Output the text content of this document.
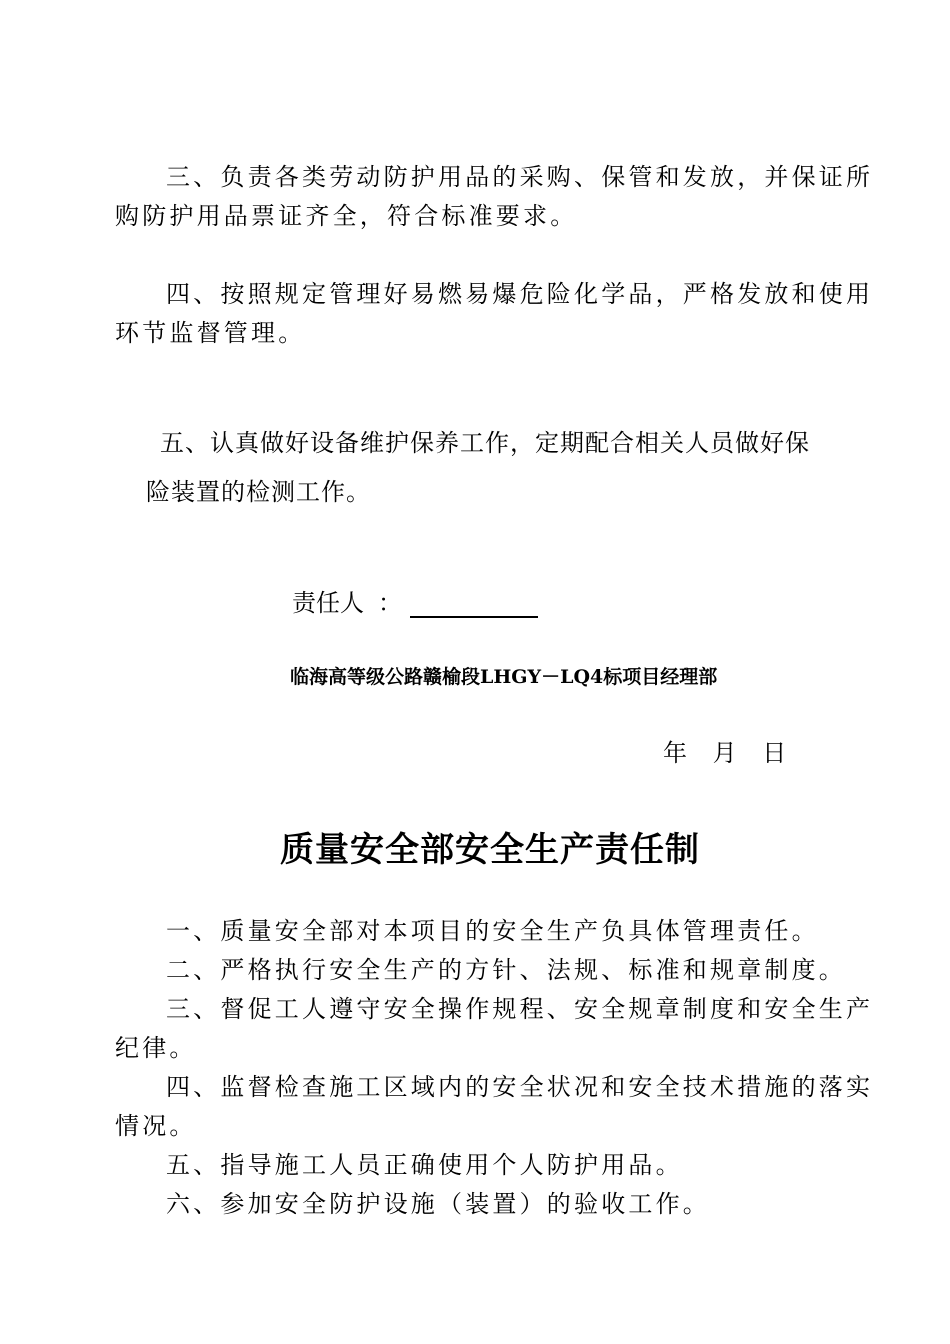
三、负责各类劳动防护用品的采购、保管和发放，并保证所
购防护用品票证齐全，符合标准要求。
四、按照规定管理好易燃易爆危险化学品，严格发放和使用
环节监督管理。
五、认真做好设备维护保养工作，定期配合相关人员做好保
险装置的检测工作。
责任人 ：
临海高等级公路赣榆段LHGY－LQ4标项目经理部
年 月 日
质量安全部安全生产责任制
一、质量安全部对本项目的安全生产负具体管理责任。
二、严格执行安全生产的方针、法规、标准和规章制度。
三、督促工人遵守安全操作规程、安全规章制度和安全生产
纪律。
四、监督检查施工区域内的安全状况和安全技术措施的落实
情况。
五、指导施工人员正确使用个人防护用品。
六、参加安全防护设施（装置）的验收工作。
